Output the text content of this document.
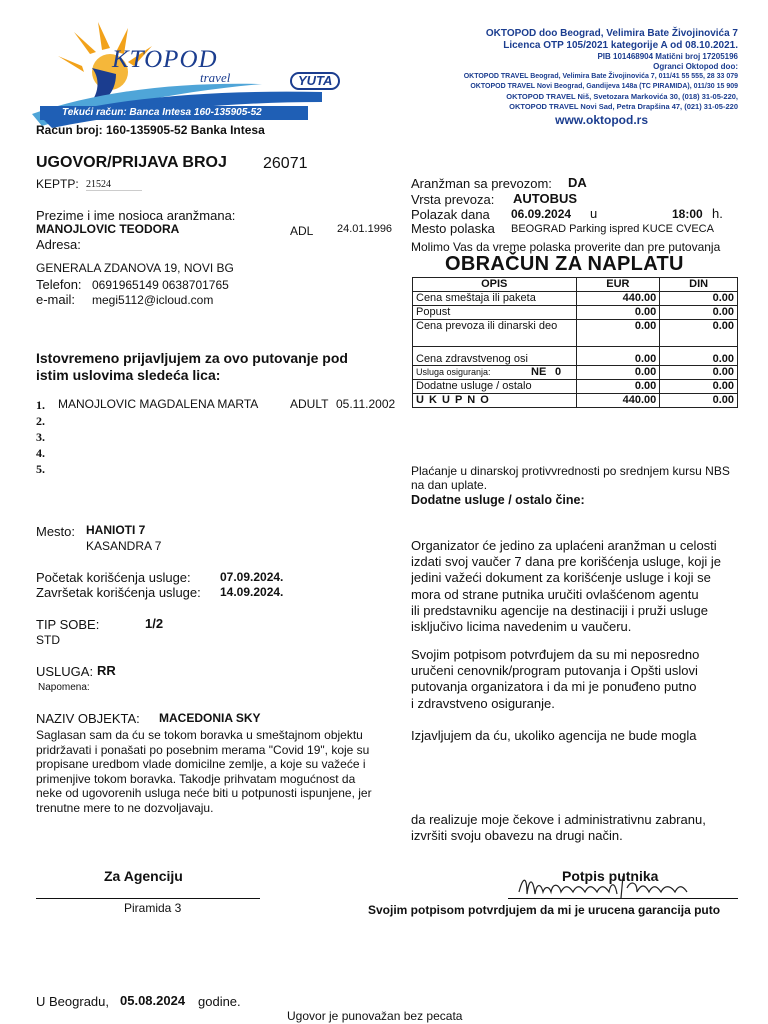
KTOPOD
travel	YUTA
Tekući račun: Banca Intesa 160-135905-52
OKTOPOD doo Beograd, Velimira Bate Živojinovića 7
Licenca OTP 105/2021 kategorije A od 08.10.2021.
PIB 101468904 Matični broj 17205196
Ogranci Oktopod doo:
OKTOPOD TRAVEL Beograd, Velimira Bate Živojinovića 7, 011/41 55 555, 28 33 079
OKTOPOD TRAVEL Novi Beograd, Gandijeva 148a (TC PIRAMIDA), 011/30 15 909
OKTOPOD TRAVEL Niš, Svetozara Markovića 30, (018) 31-05-220,
OKTOPOD TRAVEL Novi Sad, Petra Drapšina 47, (021) 31-05-220
www.oktopod.rs
Racun broj: 160-135905-52 Banka Intesa
UGOVOR/PRIJAVA BROJ 26071
KEPTP: 21524
Prezime i ime nosioca aranžmana:
MANOJLOVIC TEODORA	ADL 24.01.1996
Adresa:
GENERALA ZDANOVA 19, NOVI BG
Telefon: 0691965149 0638701765
e-mail: megi5112@icloud.com
Istovremeno prijavljujem za ovo putovanje pod
istim uslovima sledeća lica:
1. MANOJLOVIC MAGDALENA MARTA	ADULT 05.11.2002
2.
3.
4.
5.
Mesto: HANIOTI 7
KASANDRA 7
Početak korišćenja usluge: 07.09.2024.
Završetak korišćenja usluge: 14.09.2024.
TIP SOBE:	1/2
STD
USLUGA: RR
Napomena:
NAZIV OBJEKTA: MACEDONIA SKY
Saglasan sam da ću se tokom boravka u smeštajnom objektu
pridržavati i ponašati po posebnim merama "Covid 19", koje su
propisane uredbom vlade domicilne zemlje, a koje su važeće i
primenjive tokom boravka. Takodje prihvatam mogućnost da
neke od ugovorenih usluga neće biti u potpunosti ispunjene, jer
trenutne mere to ne dozvoljavaju.
Aranžman sa prevozom: DA
Vrsta prevoza: AUTOBUS
Polazak dana 06.09.2024 u	18:00 h.
Mesto polaska BEOGRAD Parking ispred KUCE CVECA
Molimo Vas da vreme polaska proverite dan pre putovanja
OBRAČUN ZA NAPLATU
OPIS	EUR	DIN
Cena smeštaja ili paketa	440.00	0.00
Popust	0.00	0.00
Cena prevoza ili dinarski deo	0.00	0.00
Cena zdravstvenog osi	0.00	0.00
Usluga osiguranja: NE 0	0.00	0.00
Dodatne usluge / ostalo	0.00	0.00
U K U P N O	440.00	0.00
Plaćanje u dinarskoj protivvrednosti po srednjem kursu NBS
na dan uplate.
Dodatne usluge / ostalo čine:
Organizator će jedino za uplaćeni aranžman u celosti
izdati svoj vaučer 7 dana pre korišćenja usluge, koji je
jedini važeći dokument za korišćenje usluge i koji se
mora od strane putnika uručiti ovlašćenom agentu
ili predstavniku agencije na destinaciji i pruži usluge
isključivo licima navedenim u vaučeru.
Svojim potpisom potvrđujem da su mi neposredno
uručeni cenovnik/program putovanja i Opšti uslovi
putovanja organizatora i da mi je ponuđeno putno
i zdravstveno osiguranje.
Izjavljujem da ću, ukoliko agencija ne bude mogla
da realizuje moje čekove i administrativnu zabranu,
izvršiti svoju obavezu na drugi način.
Za Agenciju
Piramida 3
Potpis putnika
Svojim potpisom potvrdjujem da mi je urucena garancija puto
U Beogradu, 05.08.2024 godine.
Ugovor je punovažan bez pecata
